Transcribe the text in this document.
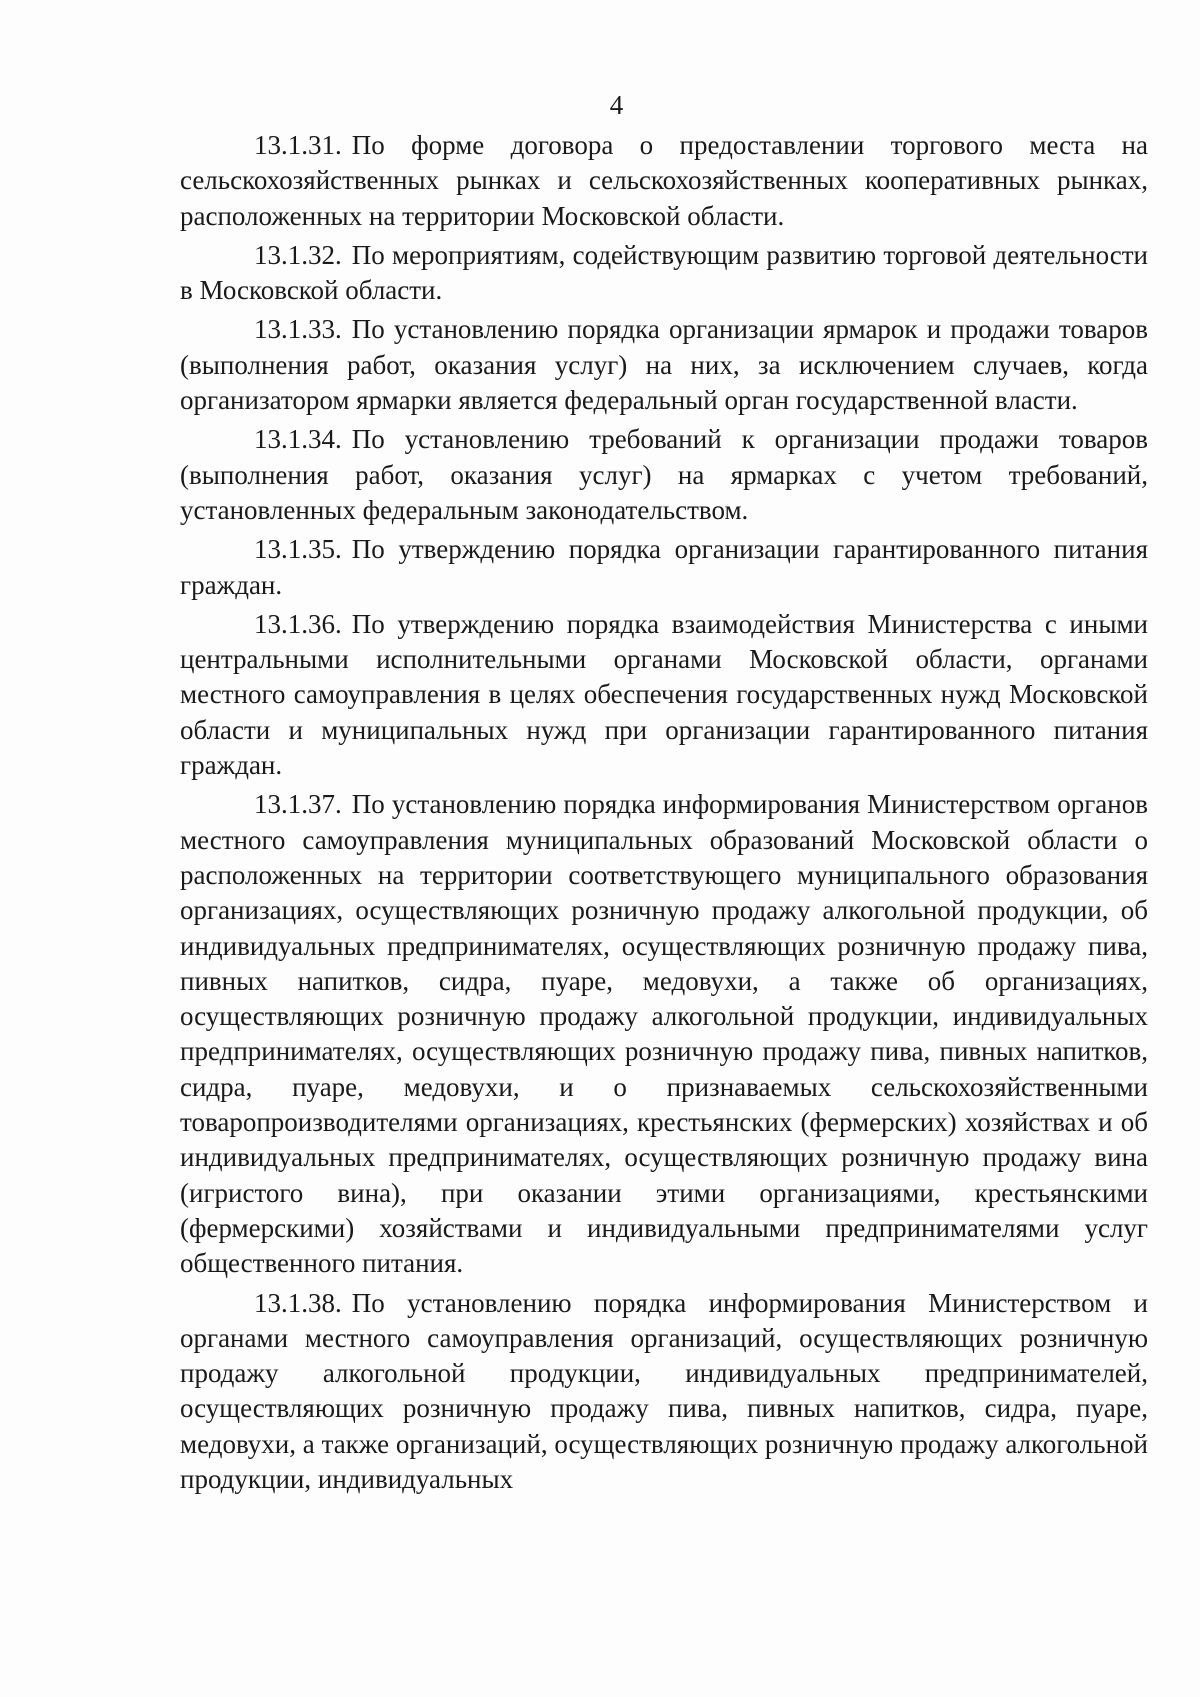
4

13.1.31. По форме договора о предоставлении торгового места на сельскохозяйственных рынках и сельскохозяйственных кооперативных рынках, расположенных на территории Московской области.

13.1.32. По мероприятиям, содействующим развитию торговой деятельности в Московской области.

13.1.33. По установлению порядка организации ярмарок и продажи товаров (выполнения работ, оказания услуг) на них, за исключением случаев, когда организатором ярмарки является федеральный орган государственной власти.

13.1.34. По установлению требований к организации продажи товаров (выполнения работ, оказания услуг) на ярмарках с учетом требований, установленных федеральным законодательством.

13.1.35. По утверждению порядка организации гарантированного питания граждан.

13.1.36. По утверждению порядка взаимодействия Министерства с иными центральными исполнительными органами Московской области, органами местного самоуправления в целях обеспечения государственных нужд Московской области и муниципальных нужд при организации гарантированного питания граждан.

13.1.37. По установлению порядка информирования Министерством органов местного самоуправления муниципальных образований Московской области о расположенных на территории соответствующего муниципального образования организациях, осуществляющих розничную продажу алкогольной продукции, об индивидуальных предпринимателях, осуществляющих розничную продажу пива, пивных напитков, сидра, пуаре, медовухи, а также об организациях, осуществляющих розничную продажу алкогольной продукции, индивидуальных предпринимателях, осуществляющих розничную продажу пива, пивных напитков, сидра, пуаре, медовухи, и о признаваемых сельскохозяйственными товаропроизводителями организациях, крестьянских (фермерских) хозяйствах и об индивидуальных предпринимателях, осуществляющих розничную продажу вина (игристого вина), при оказании этими организациями, крестьянскими (фермерскими) хозяйствами и индивидуальными предпринимателями услуг общественного питания.

13.1.38. По установлению порядка информирования Министерством и органами местного самоуправления организаций, осуществляющих розничную продажу алкогольной продукции, индивидуальных предпринимателей, осуществляющих розничную продажу пива, пивных напитков, сидра, пуаре, медовухи, а также организаций, осуществляющих розничную продажу алкогольной продукции, индивидуальных
